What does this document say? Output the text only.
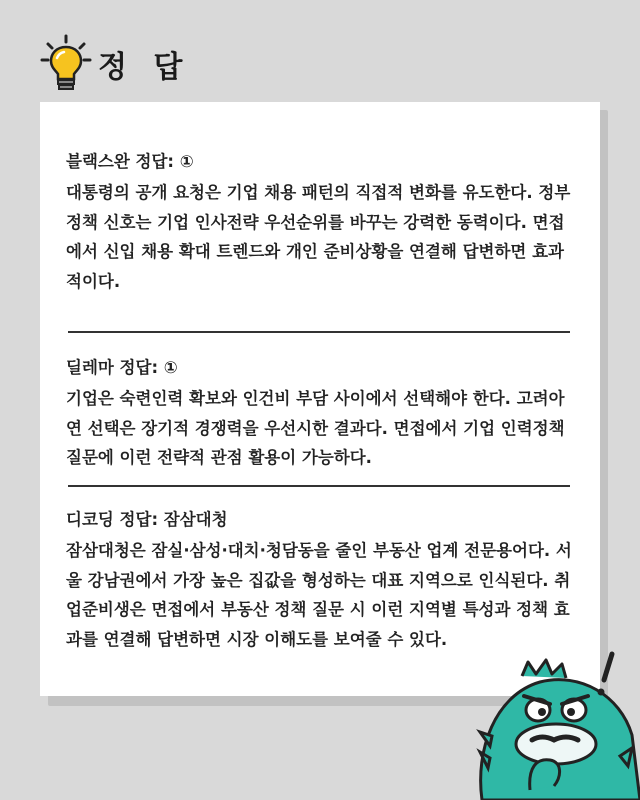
정 답
블랙스완 정답: ①
대통령의 공개 요청은 기업 채용 패턴의 직접적 변화를 유도한다. 정부 정책 신호는 기업 인사전략 우선순위를 바꾸는 강력한 동력이다. 면접에서 신입 채용 확대 트렌드와 개인 준비상황을 연결해 답변하면 효과적이다.
딜레마 정답: ①
기업은 숙련인력 확보와 인건비 부담 사이에서 선택해야 한다. 고려아연 선택은 장기적 경쟁력을 우선시한 결과다. 면접에서 기업 인력정책 질문에 이런 전략적 관점 활용이 가능하다.
디코딩 정답: 잠삼대청
잠삼대청은 잠실·삼성·대치·청담동을 줄인 부동산 업계 전문용어다. 서울 강남권에서 가장 높은 집값을 형성하는 대표 지역으로 인식된다. 취업준비생은 면접에서 부동산 정책 질문 시 이런 지역별 특성과 정책 효과를 연결해 답변하면 시장 이해도를 보여줄 수 있다.
